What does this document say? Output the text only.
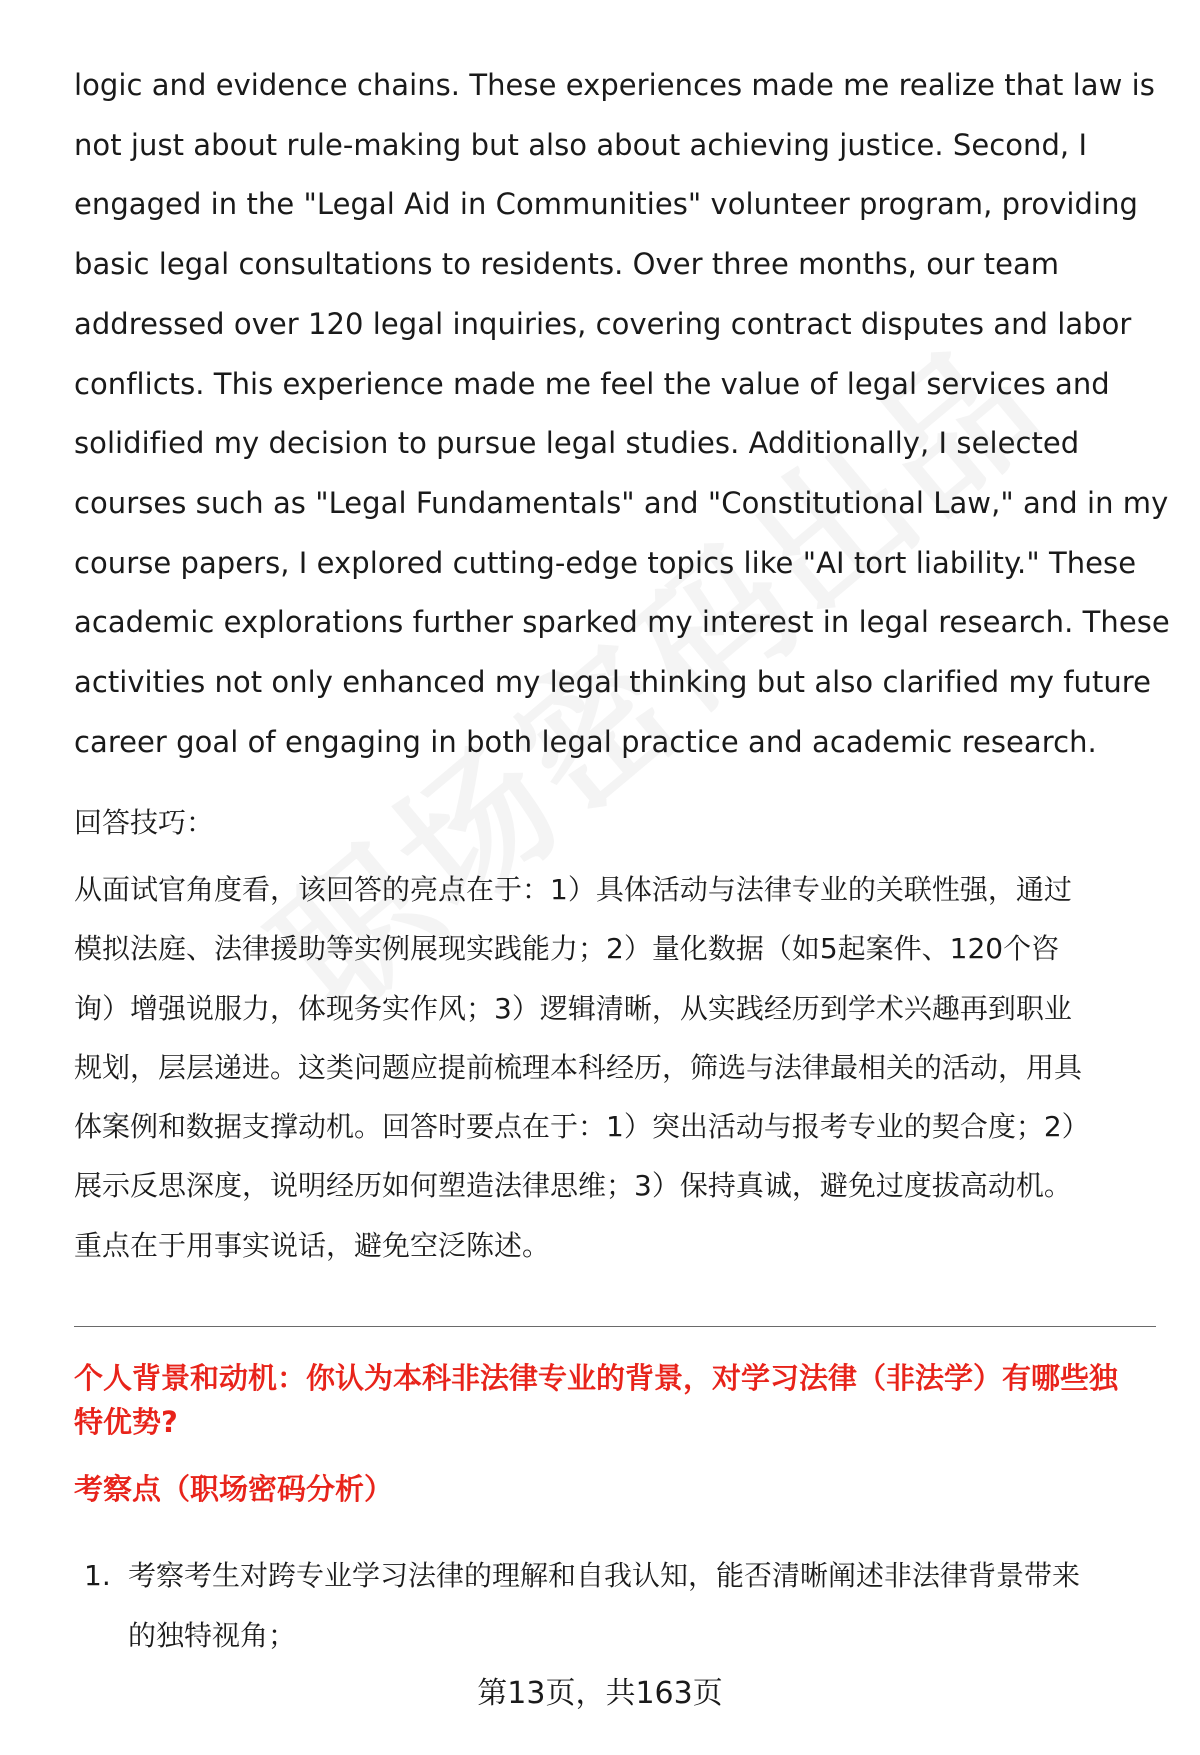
logic and evidence chains. These experiences made me realize that law is
not just about rule-making but also about achieving justice. Second, I
engaged in the "Legal Aid in Communities" volunteer program, providing
basic legal consultations to residents. Over three months, our team
addressed over 120 legal inquiries, covering contract disputes and labor
conflicts. This experience made me feel the value of legal services and
solidified my decision to pursue legal studies. Additionally, I selected
courses such as "Legal Fundamentals" and "Constitutional Law," and in my
course papers, I explored cutting-edge topics like "AI tort liability." These
academic explorations further sparked my interest in legal research. These
activities not only enhanced my legal thinking but also clarified my future
career goal of engaging in both legal practice and academic research.
回答技巧：
从面试官角度看，该回答的亮点在于：1）具体活动与法律专业的关联性强，通过
模拟法庭、法律援助等实例展现实践能力；2）量化数据（如5起案件、120个咨
询）增强说服力，体现务实作风；3）逻辑清晰，从实践经历到学术兴趣再到职业
规划，层层递进。这类问题应提前梳理本科经历，筛选与法律最相关的活动，用具
体案例和数据支撑动机。回答时要点在于：1）突出活动与报考专业的契合度；2）
展示反思深度，说明经历如何塑造法律思维；3）保持真诚，避免过度拔高动机。
重点在于用事实说话，避免空泛陈述。
个人背景和动机：你认为本科非法律专业的背景，对学习法律（非法学）有哪些独
特优势?
考察点（职场密码分析）
1. 考察考生对跨专业学习法律的理解和自我认知，能否清晰阐述非法律背景带来
的独特视角；
第13页，共163页
